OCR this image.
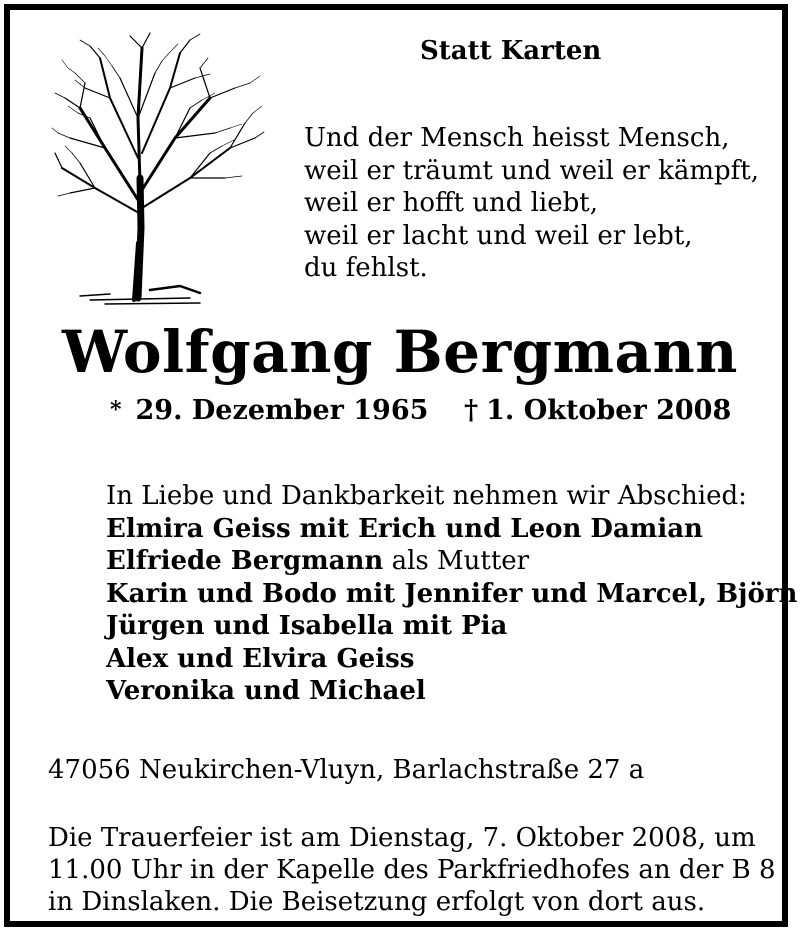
Statt Karten
Und der Mensch heisst Mensch,
weil er träumt und weil er kämpft,
weil er hofft und liebt,
weil er lacht und weil er lebt,
du fehlst.
Wolfgang Bergmann
* 29. Dezember 1965 † 1. Oktober 2008
In Liebe und Dankbarkeit nehmen wir Abschied:
Elmira Geiss mit Erich und Leon Damian
Elfriede Bergmann als Mutter
Karin und Bodo mit Jennifer und Marcel, Björn
Jürgen und Isabella mit Pia
Alex und Elvira Geiss
Veronika und Michael
47056 Neukirchen-Vluyn, Barlachstraße 27 a
Die Trauerfeier ist am Dienstag, 7. Oktober 2008, um
11.00 Uhr in der Kapelle des Parkfriedhofes an der B 8
in Dinslaken. Die Beisetzung erfolgt von dort aus.
